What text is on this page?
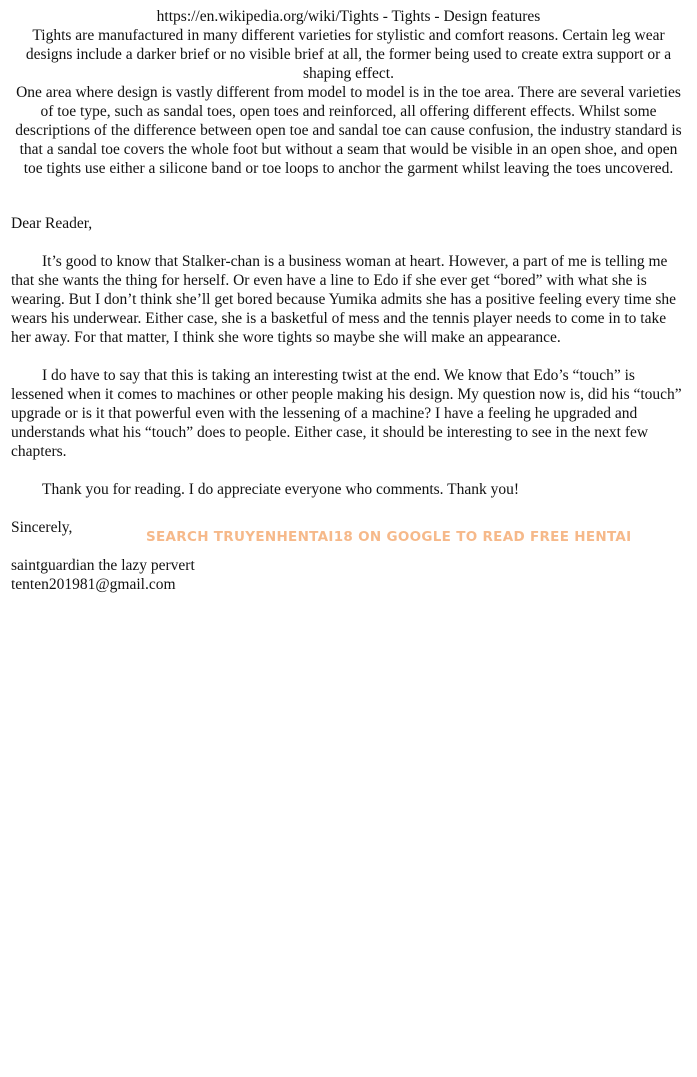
https://en.wikipedia.org/wiki/Tights - Tights - Design features

Tights are manufactured in many different varieties for stylistic and comfort reasons. Certain leg wear designs include a darker brief or no visible brief at all, the former being used to create extra support or a shaping effect.

One area where design is vastly different from model to model is in the toe area. There are several varieties of toe type, such as sandal toes, open toes and reinforced, all offering different effects. Whilst some descriptions of the difference between open toe and sandal toe can cause confusion, the industry standard is that a sandal toe covers the whole foot but without a seam that would be visible in an open shoe, and open toe tights use either a silicone band or toe loops to anchor the garment whilst leaving the toes uncovered.

Dear Reader,

It’s good to know that Stalker-chan is a business woman at heart. However, a part of me is telling me that she wants the thing for herself. Or even have a line to Edo if she ever get “bored” with what she is wearing. But I don’t think she’ll get bored because Yumika admits she has a positive feeling every time she wears his underwear. Either case, she is a basketful of mess and the tennis player needs to come in to take her away. For that matter, I think she wore tights so maybe she will make an appearance.

I do have to say that this is taking an interesting twist at the end. We know that Edo’s “touch” is lessened when it comes to machines or other people making his design. My question now is, did his “touch” upgrade or is it that powerful even with the lessening of a machine? I have a feeling he upgraded and understands what his “touch” does to people. Either case, it should be interesting to see in the next few chapters.

Thank you for reading. I do appreciate everyone who comments. Thank you!

Sincerely,

saintguardian the lazy pervert

tenten201981@gmail.com

SEARCH TRUYENHENTAI18 ON GOOGLE TO READ FREE HENTAI
